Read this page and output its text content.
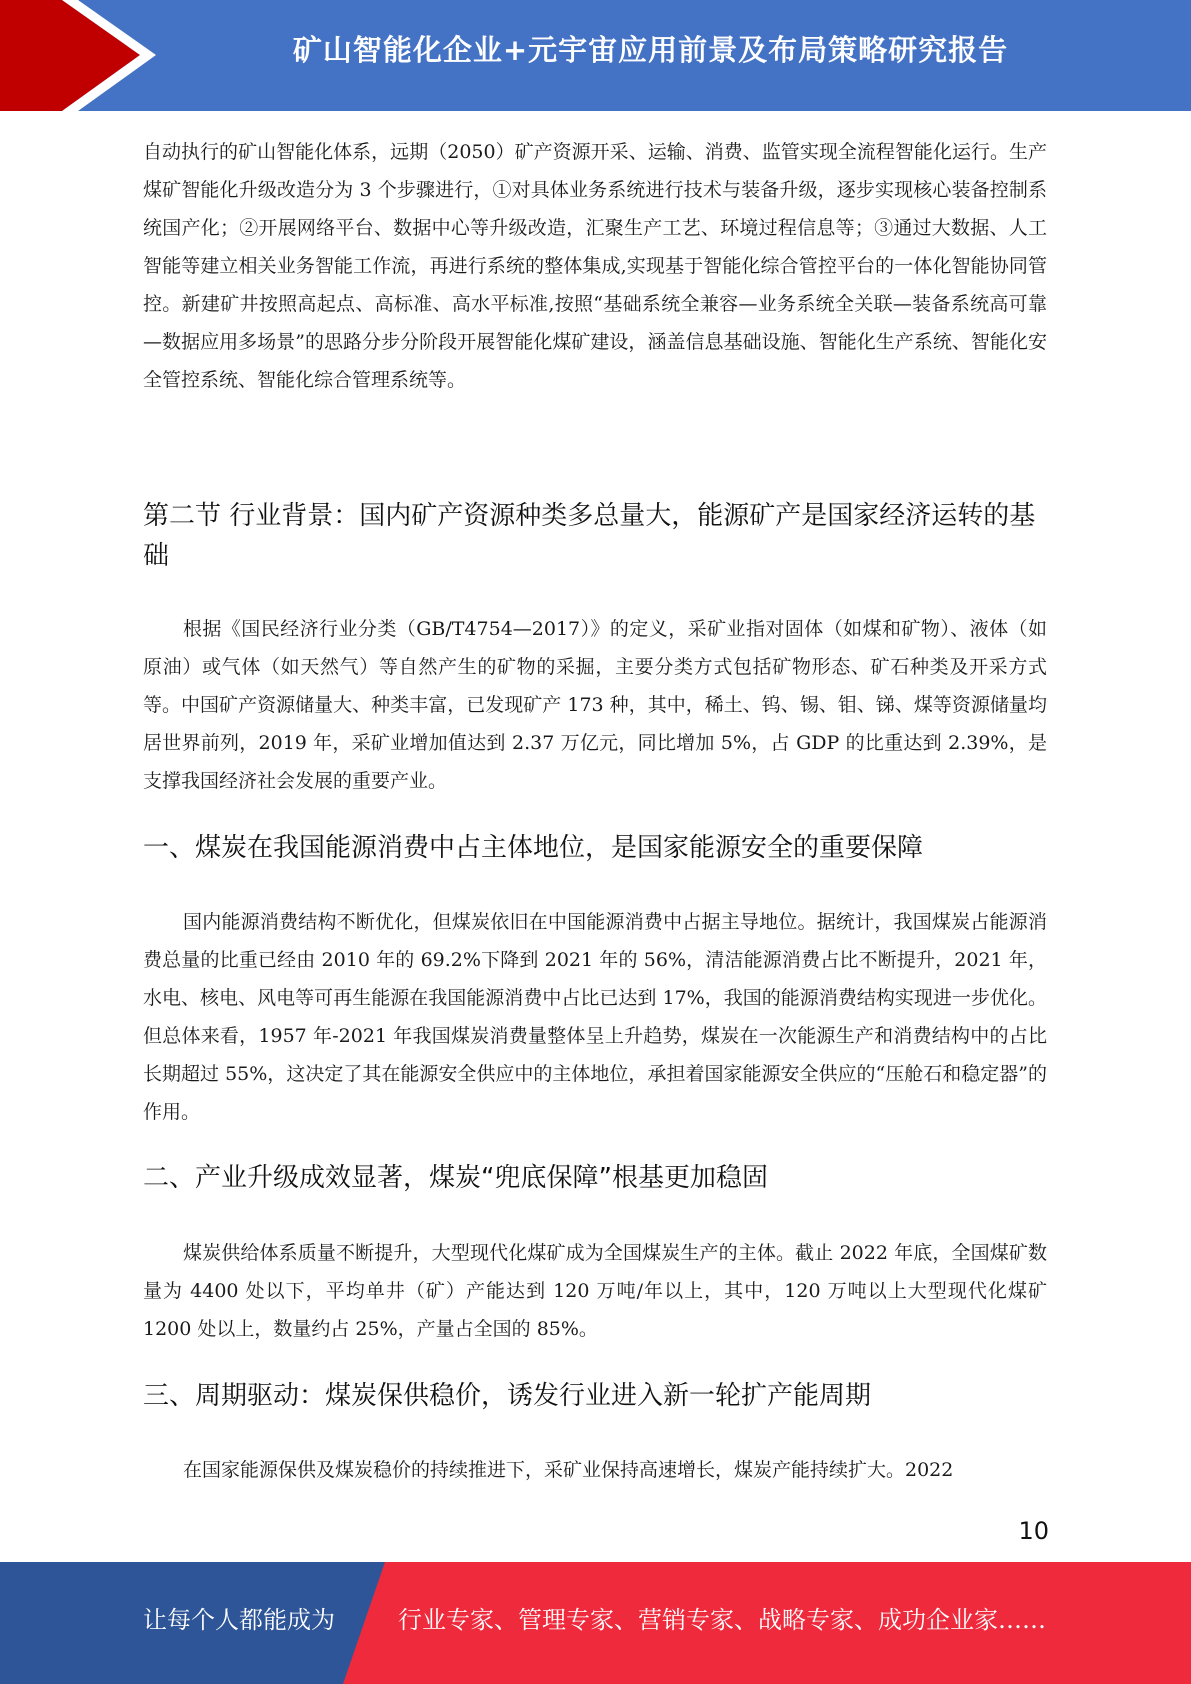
矿山智能化企业+元宇宙应用前景及布局策略研究报告

自动执行的矿山智能化体系，远期（2050）矿产资源开采、运输、消费、监管实现全流程智能化运行。生产煤矿智能化升级改造分为 3 个步骤进行，①对具体业务系统进行技术与装备升级，逐步实现核心装备控制系统国产化；②开展网络平台、数据中心等升级改造，汇聚生产工艺、环境过程信息等；③通过大数据、人工智能等建立相关业务智能工作流，再进行系统的整体集成,实现基于智能化综合管控平台的一体化智能协同管控。新建矿井按照高起点、高标准、高水平标准,按照“基础系统全兼容—业务系统全关联—装备系统高可靠—数据应用多场景”的思路分步分阶段开展智能化煤矿建设，涵盖信息基础设施、智能化生产系统、智能化安全管控系统、智能化综合管理系统等。

第二节 行业背景：国内矿产资源种类多总量大，能源矿产是国家经济运转的基础

根据《国民经济行业分类（GB/T4754—2017）》的定义，采矿业指对固体（如煤和矿物）、液体（如原油）或气体（如天然气）等自然产生的矿物的采掘，主要分类方式包括矿物形态、矿石种类及开采方式等。中国矿产资源储量大、种类丰富，已发现矿产 173 种，其中，稀土、钨、锡、钼、锑、煤等资源储量均居世界前列，2019 年，采矿业增加值达到 2.37 万亿元，同比增加 5%，占 GDP 的比重达到 2.39%，是支撑我国经济社会发展的重要产业。

一、煤炭在我国能源消费中占主体地位，是国家能源安全的重要保障

国内能源消费结构不断优化，但煤炭依旧在中国能源消费中占据主导地位。据统计，我国煤炭占能源消费总量的比重已经由 2010 年的 69.2%下降到 2021 年的 56%，清洁能源消费占比不断提升，2021 年，水电、核电、风电等可再生能源在我国能源消费中占比已达到 17%，我国的能源消费结构实现进一步优化。但总体来看，1957 年-2021 年我国煤炭消费量整体呈上升趋势，煤炭在一次能源生产和消费结构中的占比长期超过 55%，这决定了其在能源安全供应中的主体地位，承担着国家能源安全供应的“压舱石和稳定器”的作用。

二、产业升级成效显著，煤炭“兜底保障”根基更加稳固

煤炭供给体系质量不断提升，大型现代化煤矿成为全国煤炭生产的主体。截止 2022 年底，全国煤矿数量为 4400 处以下，平均单井（矿）产能达到 120 万吨/年以上，其中，120 万吨以上大型现代化煤矿 1200 处以上，数量约占 25%，产量占全国的 85%。

三、周期驱动：煤炭保供稳价，诱发行业进入新一轮扩产能周期

在国家能源保供及煤炭稳价的持续推进下，采矿业保持高速增长，煤炭产能持续扩大。2022

10
让每个人都能成为	行业专家、管理专家、营销专家、战略专家、成功企业家……
